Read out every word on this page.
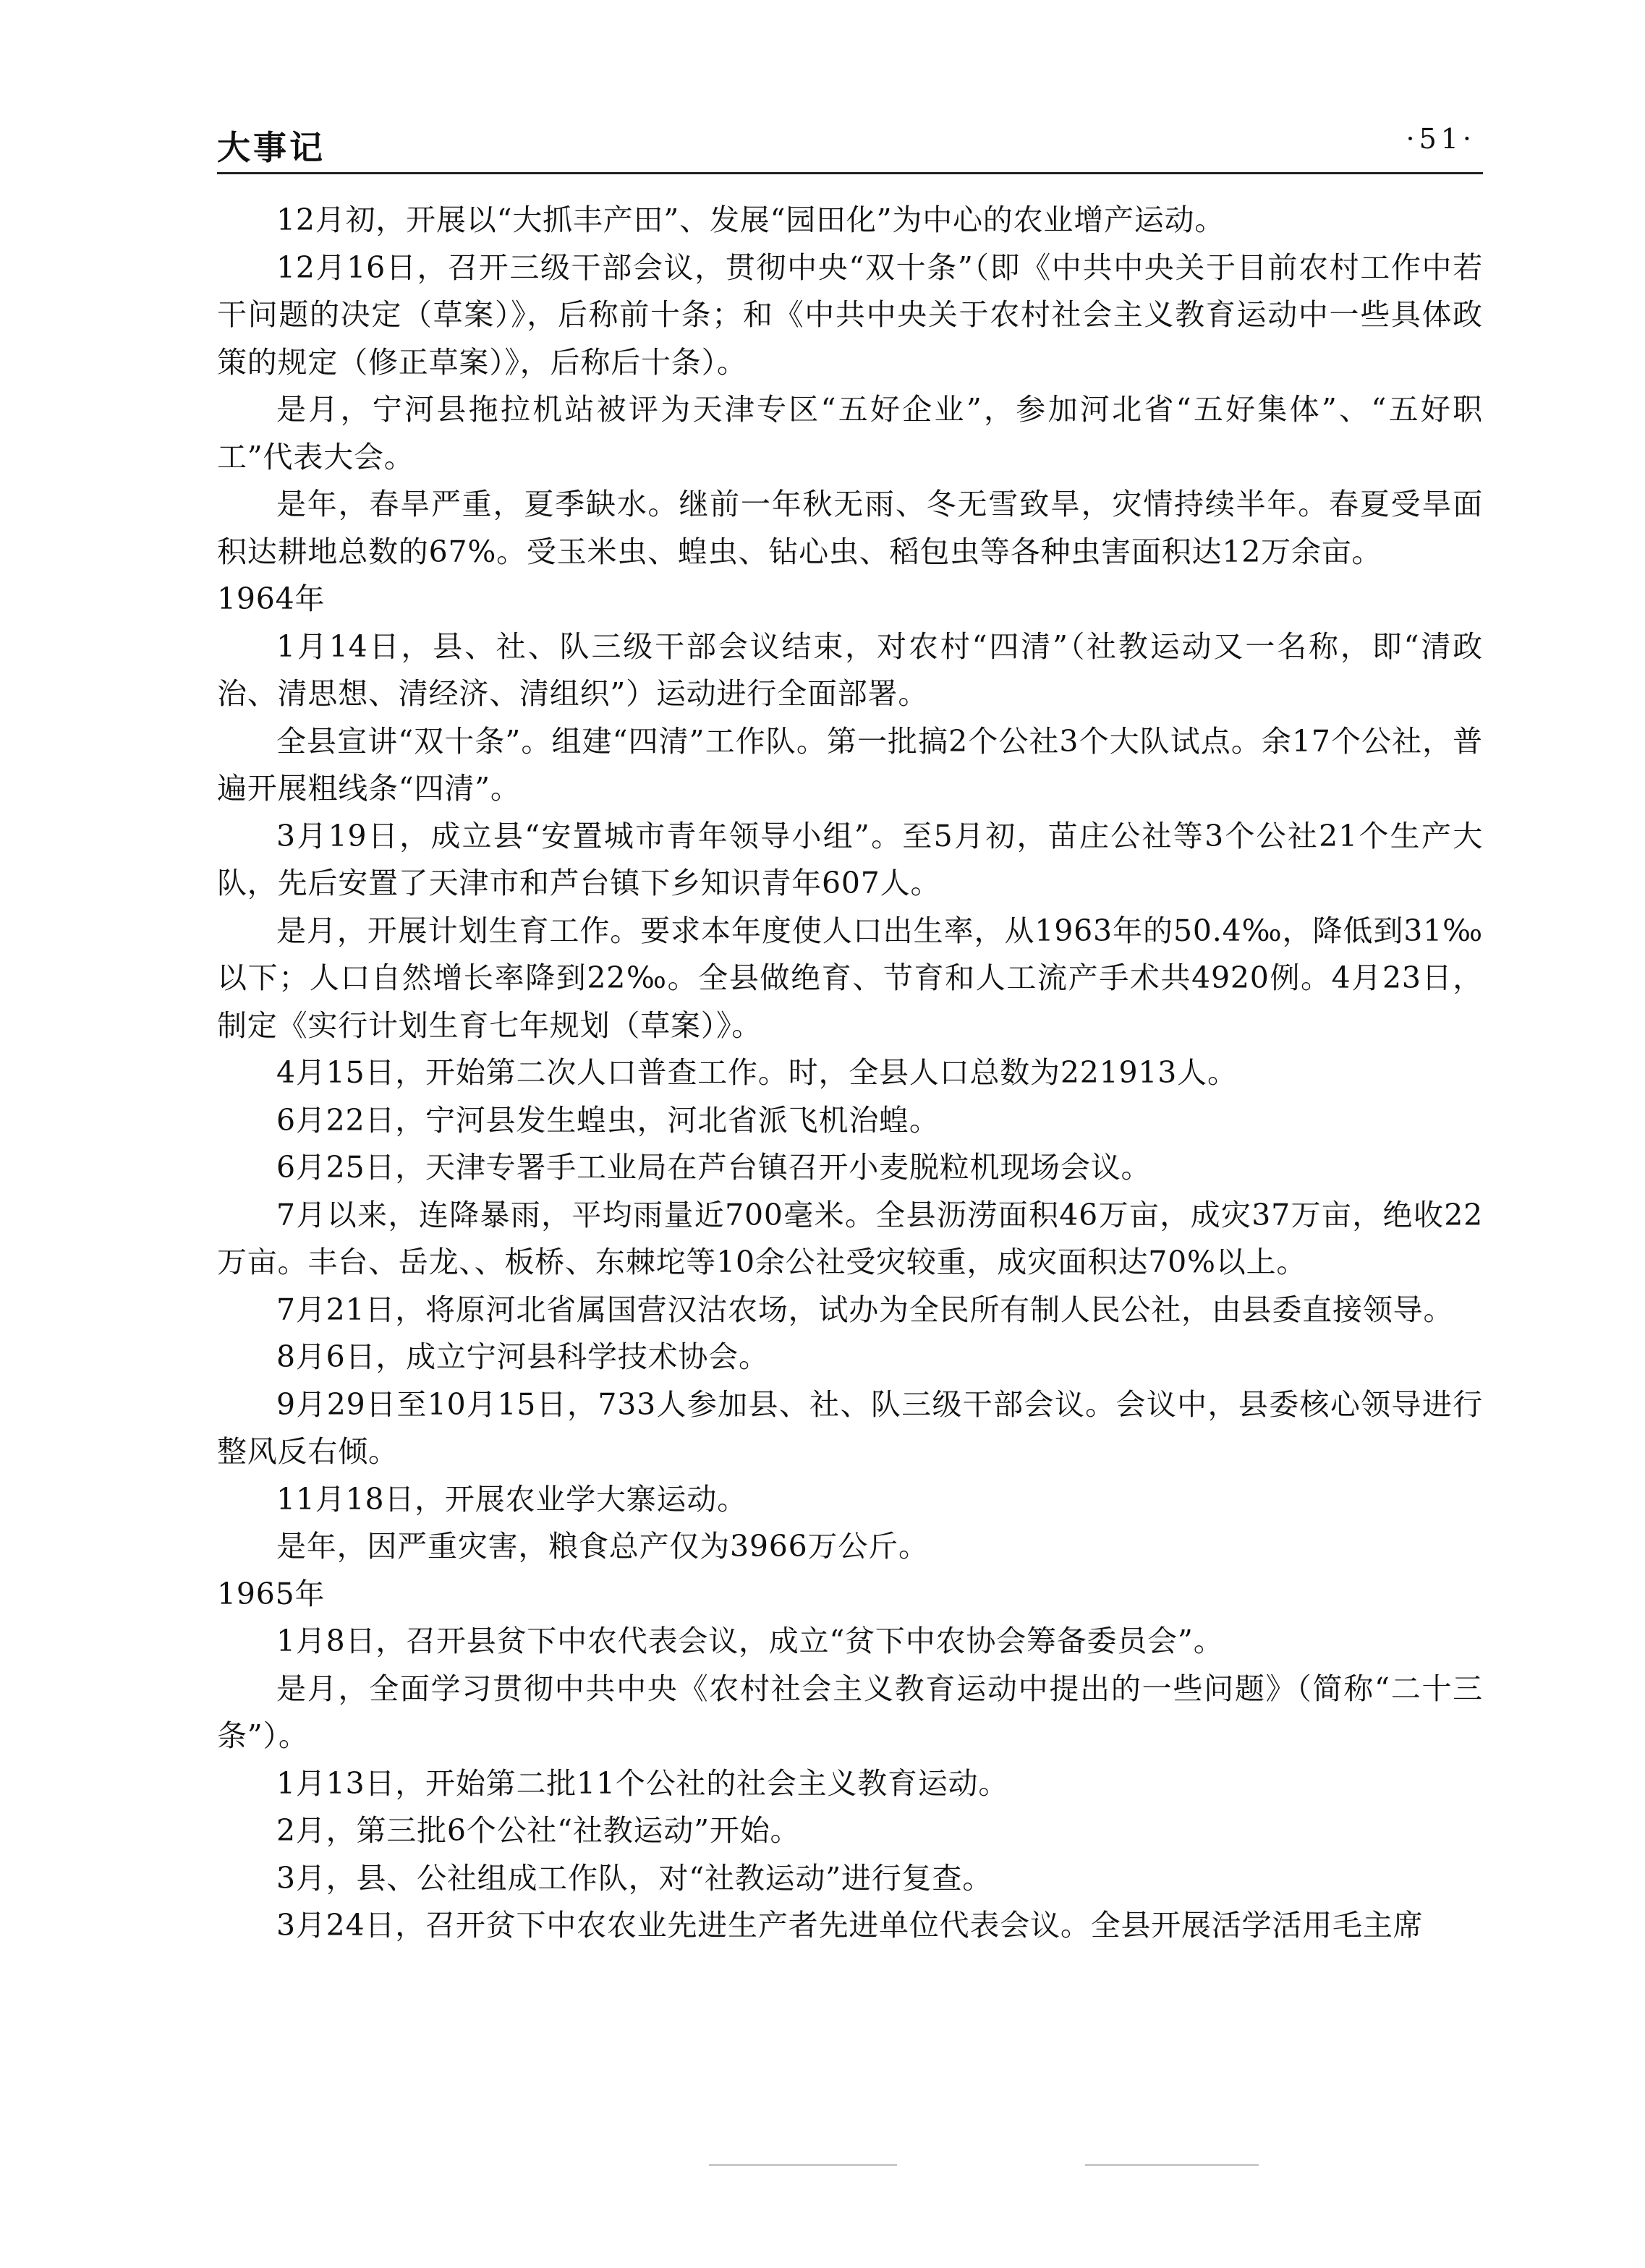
大事记	·51·

12月初，开展以“大抓丰产田”、发展“园田化”为中心的农业增产运动。

12月16日，召开三级干部会议，贯彻中央“双十条”（即《中共中央关于目前农村工作中若干问题的决定（草案）》，后称前十条；和《中共中央关于农村社会主义教育运动中一些具体政策的规定（修正草案）》，后称后十条）。

是月，宁河县拖拉机站被评为天津专区“五好企业”，参加河北省“五好集体”、“五好职工”代表大会。

是年，春旱严重，夏季缺水。继前一年秋无雨、冬无雪致旱，灾情持续半年。春夏受旱面积达耕地总数的67%。受玉米虫、蝗虫、钻心虫、稻包虫等各种虫害面积达12万余亩。

1964年

1月14日，县、社、队三级干部会议结束，对农村“四清”（社教运动又一名称，即“清政治、清思想、清经济、清组织”）运动进行全面部署。

全县宣讲“双十条”。组建“四清”工作队。第一批搞2个公社3个大队试点。余17个公社，普遍开展粗线条“四清”。

3月19日，成立县“安置城市青年领导小组”。至5月初，苗庄公社等3个公社21个生产大队，先后安置了天津市和芦台镇下乡知识青年607人。

是月，开展计划生育工作。要求本年度使人口出生率，从1963年的50.4‰，降低到31‰以下；人口自然增长率降到22‰。全县做绝育、节育和人工流产手术共4920例。4月23日，制定《实行计划生育七年规划（草案）》。

4月15日，开始第二次人口普查工作。时，全县人口总数为221913人。

6月22日，宁河县发生蝗虫，河北省派飞机治蝗。

6月25日，天津专署手工业局在芦台镇召开小麦脱粒机现场会议。

7月以来，连降暴雨，平均雨量近700毫米。全县沥涝面积46万亩，成灾37万亩，绝收22万亩。丰台、岳龙、、板桥、东棘坨等10余公社受灾较重，成灾面积达70%以上。

7月21日，将原河北省属国营汉沽农场，试办为全民所有制人民公社，由县委直接领导。

8月6日，成立宁河县科学技术协会。

9月29日至10月15日，733人参加县、社、队三级干部会议。会议中，县委核心领导进行整风反右倾。

11月18日，开展农业学大寨运动。

是年，因严重灾害，粮食总产仅为3966万公斤。

1965年

1月8日，召开县贫下中农代表会议，成立“贫下中农协会筹备委员会”。

是月，全面学习贯彻中共中央《农村社会主义教育运动中提出的一些问题》（简称“二十三条”）。

1月13日，开始第二批11个公社的社会主义教育运动。

2月，第三批6个公社“社教运动”开始。

3月，县、公社组成工作队，对“社教运动”进行复查。

3月24日，召开贫下中农农业先进生产者先进单位代表会议。全县开展活学活用毛主席
